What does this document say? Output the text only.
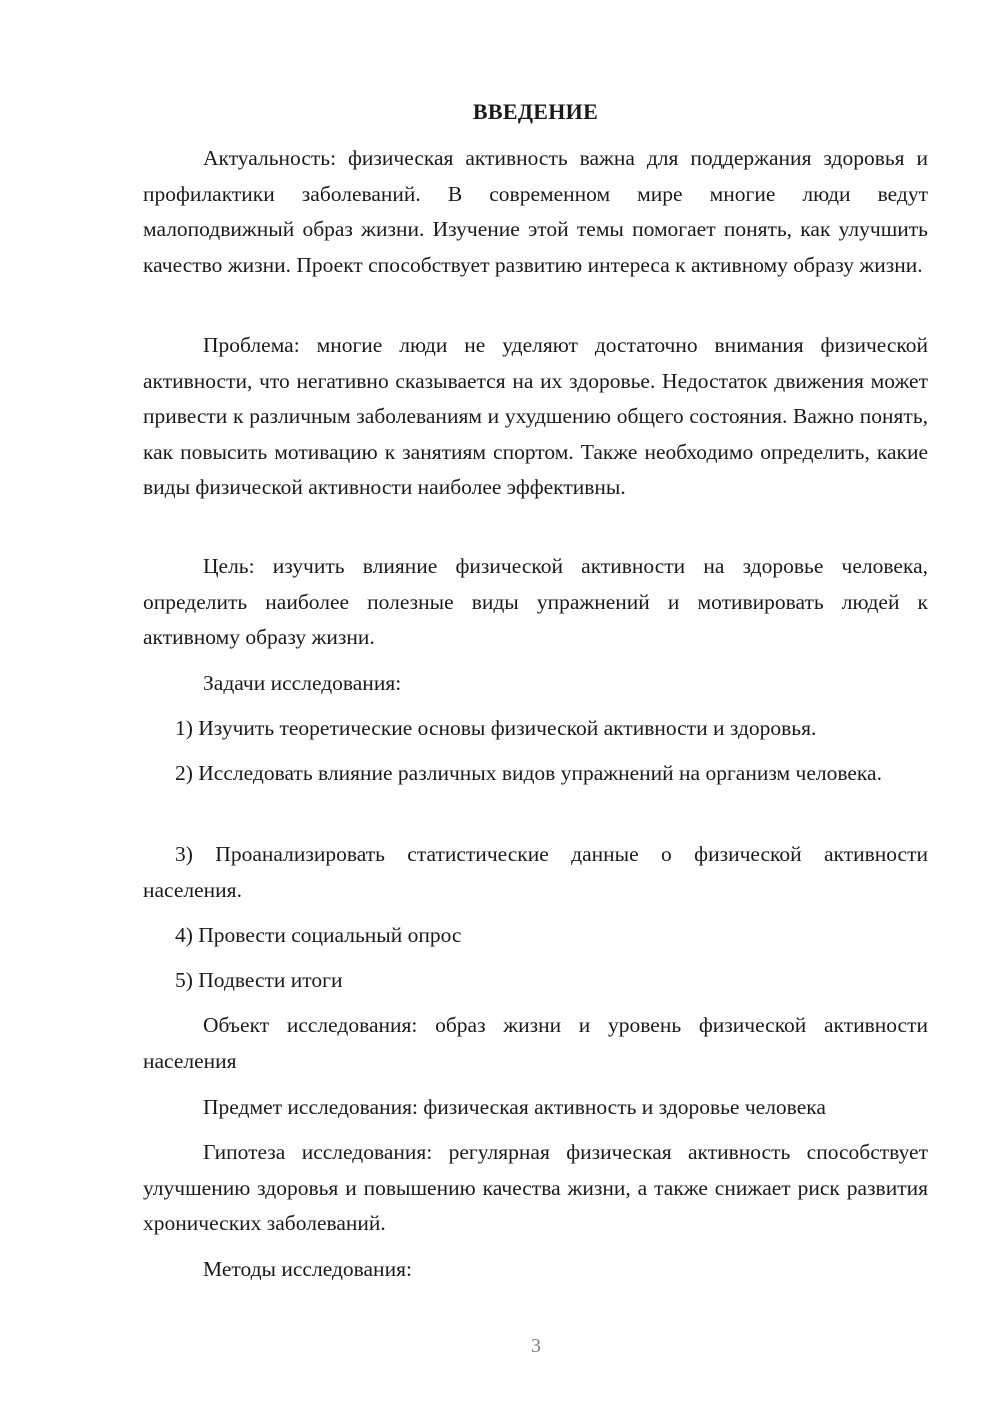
ВВЕДЕНИЕ

Актуальность: физическая активность важна для поддержания здоровья и профилактики заболеваний. В современном мире многие люди ведут малоподвижный образ жизни. Изучение этой темы помогает понять, как улучшить качество жизни. Проект способствует развитию интереса к активному образу жизни.

Проблема: многие люди не уделяют достаточно внимания физической активности, что негативно сказывается на их здоровье. Недостаток движения может привести к различным заболеваниям и ухудшению общего состояния. Важно понять, как повысить мотивацию к занятиям спортом. Также необходимо определить, какие виды физической активности наиболее эффективны.

Цель: изучить влияние физической активности на здоровье человека, определить наиболее полезные виды упражнений и мотивировать людей к активному образу жизни.

Задачи исследования:

1) Изучить теоретические основы физической активности и здоровья.

2) Исследовать влияние различных видов упражнений на организм человека.

3) Проанализировать статистические данные о физической активности населения.

4) Провести социальный опрос

5) Подвести итоги

Объект исследования: образ жизни и уровень физической активности населения

Предмет исследования: физическая активность и здоровье человека

Гипотеза исследования: регулярная физическая активность способствует улучшению здоровья и повышению качества жизни, а также снижает риск развития хронических заболеваний.

Методы исследования:

3
